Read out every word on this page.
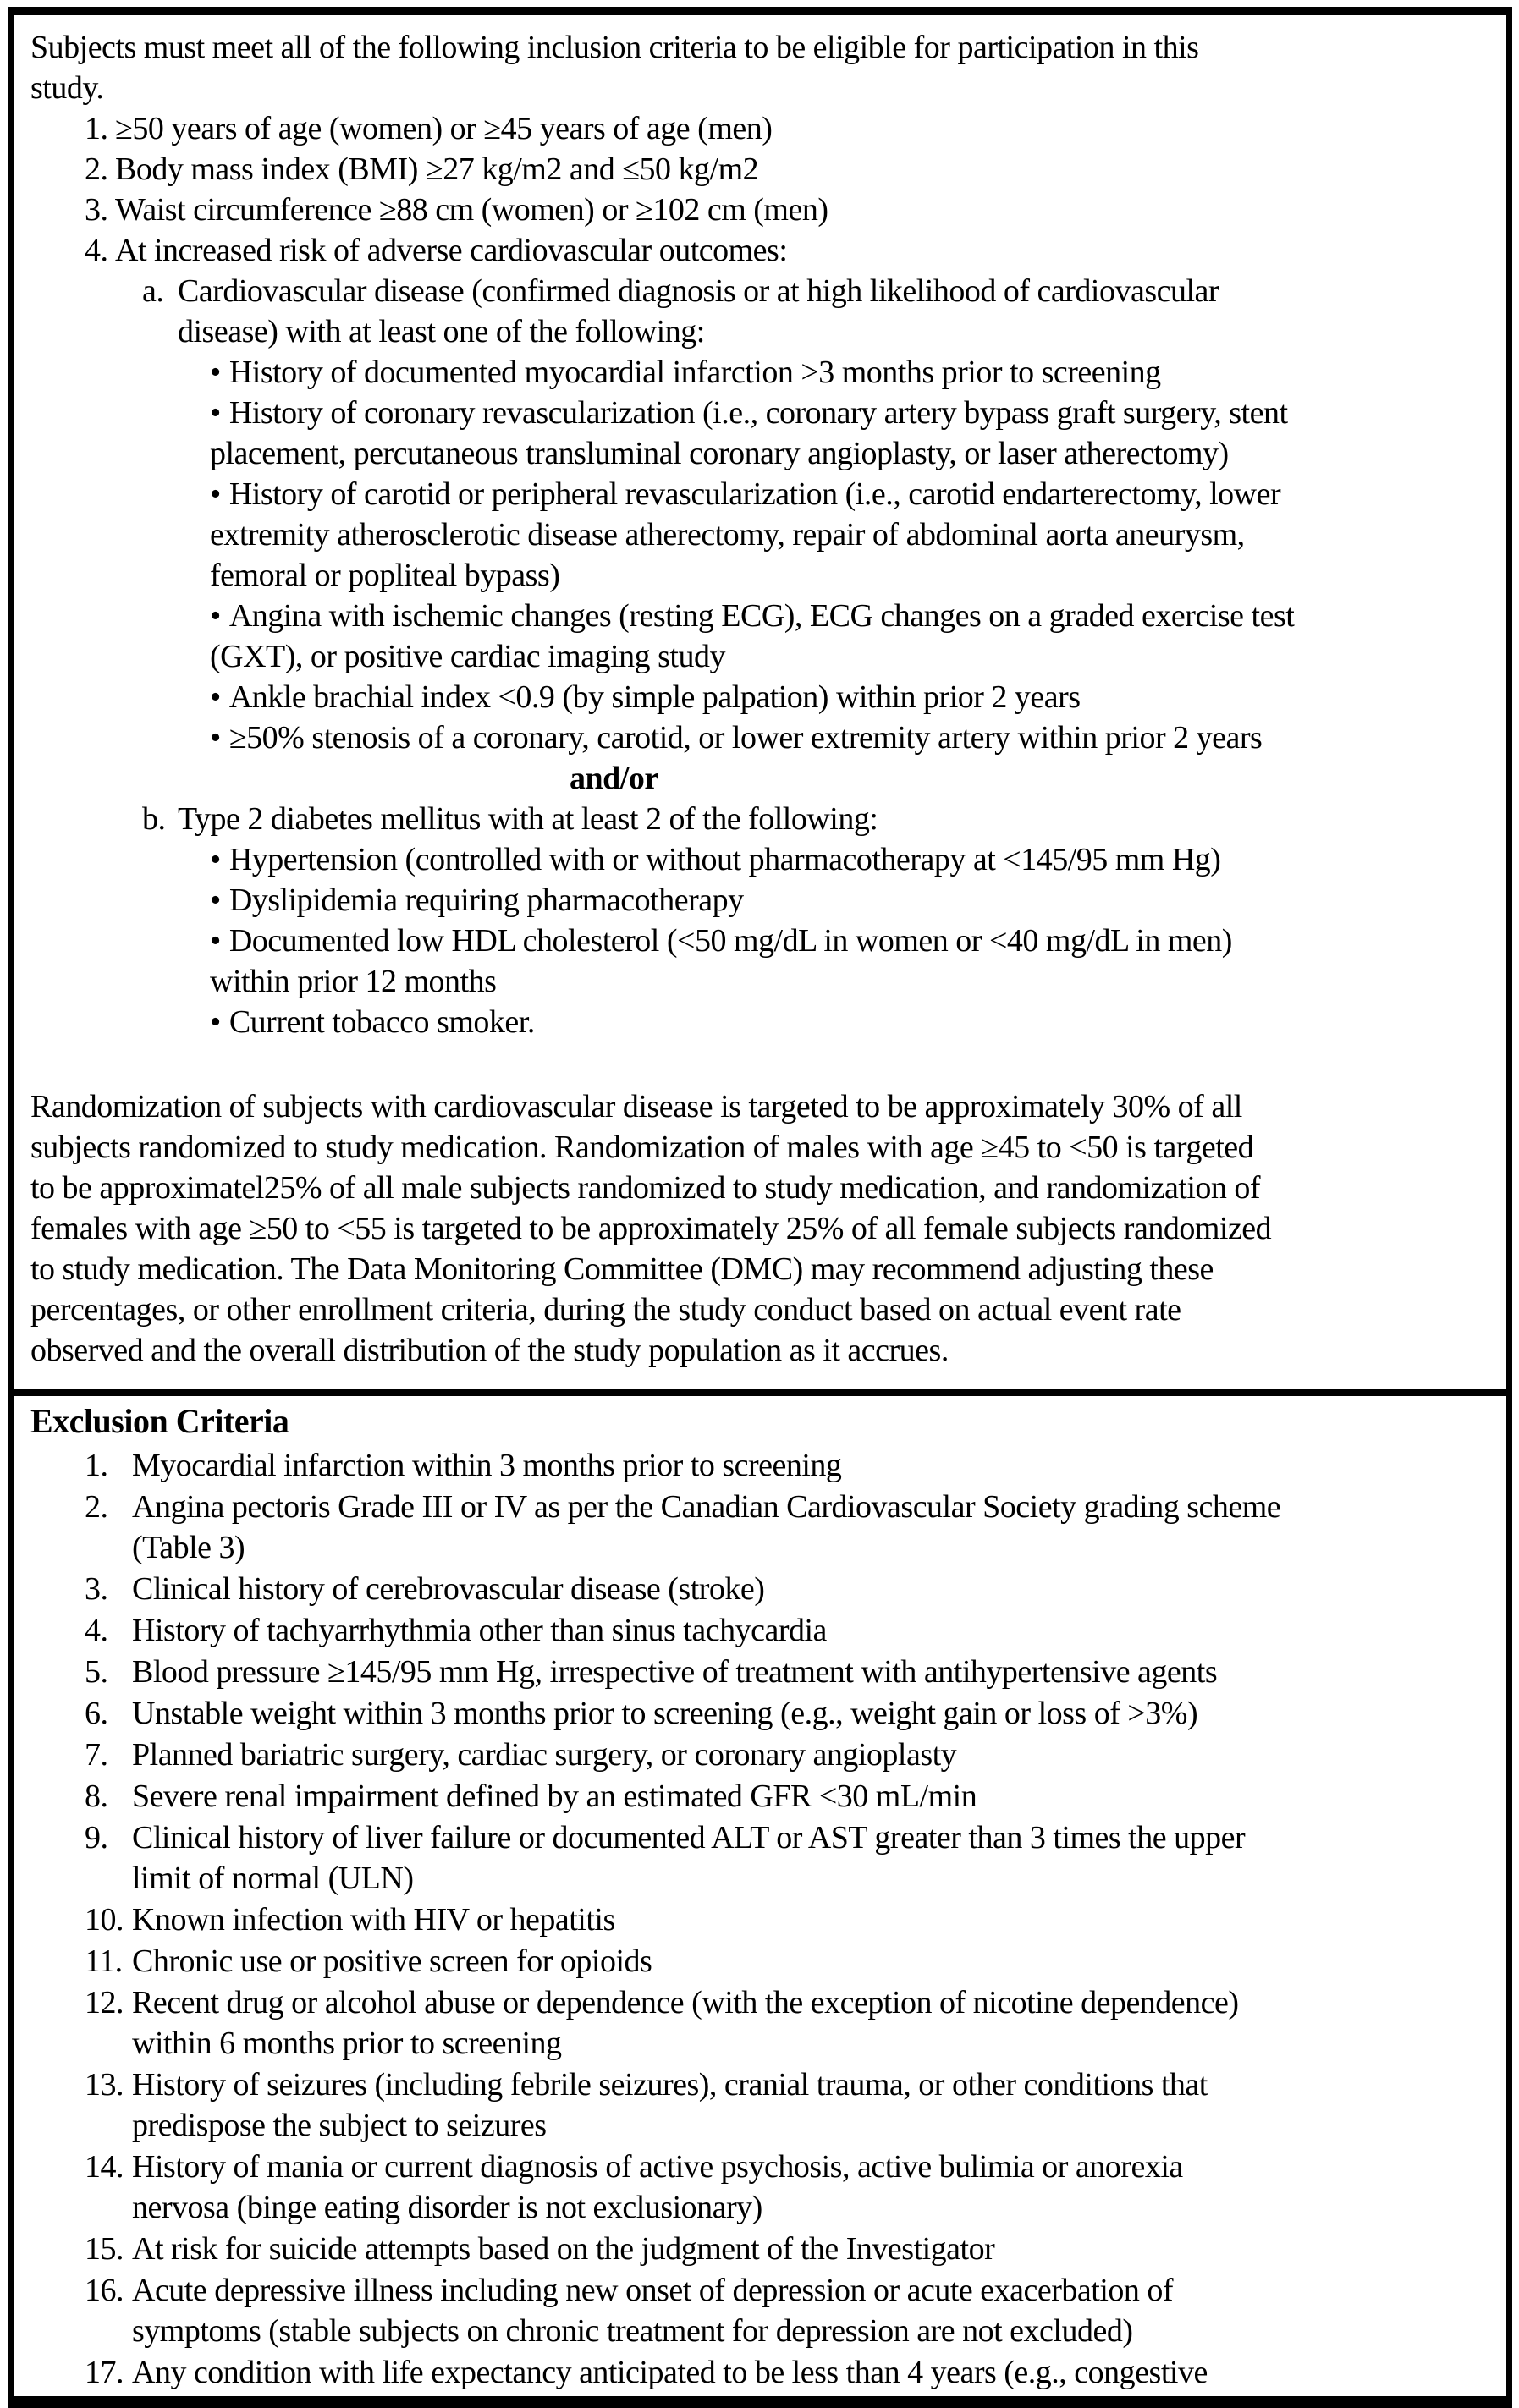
Subjects must meet all of the following inclusion criteria to be eligible for participation in this
study.

1. ≥50 years of age (women) or ≥45 years of age (men)
2. Body mass index (BMI) ≥27 kg/m2 and ≤50 kg/m2
3. Waist circumference ≥88 cm (women) or ≥102 cm (men)
4. At increased risk of adverse cardiovascular outcomes:
a. Cardiovascular disease (confirmed diagnosis or at high likelihood of cardiovascular
disease) with at least one of the following:
• History of documented myocardial infarction >3 months prior to screening
• History of coronary revascularization (i.e., coronary artery bypass graft surgery, stent
placement, percutaneous transluminal coronary angioplasty, or laser atherectomy)
• History of carotid or peripheral revascularization (i.e., carotid endarterectomy, lower
extremity atherosclerotic disease atherectomy, repair of abdominal aorta aneurysm,
femoral or popliteal bypass)
• Angina with ischemic changes (resting ECG), ECG changes on a graded exercise test
(GXT), or positive cardiac imaging study
• Ankle brachial index <0.9 (by simple palpation) within prior 2 years
• ≥50% stenosis of a coronary, carotid, or lower extremity artery within prior 2 years

and/or

b. Type 2 diabetes mellitus with at least 2 of the following:
• Hypertension (controlled with or without pharmacotherapy at <145/95 mm Hg)
• Dyslipidemia requiring pharmacotherapy
• Documented low HDL cholesterol (<50 mg/dL in women or <40 mg/dL in men)
within prior 12 months
• Current tobacco smoker.

Randomization of subjects with cardiovascular disease is targeted to be approximately 30% of all
subjects randomized to study medication. Randomization of males with age ≥45 to <50 is targeted
to be approximatel25% of all male subjects randomized to study medication, and randomization of
females with age ≥50 to <55 is targeted to be approximately 25% of all female subjects randomized
to study medication. The Data Monitoring Committee (DMC) may recommend adjusting these
percentages, or other enrollment criteria, during the study conduct based on actual event rate
observed and the overall distribution of the study population as it accrues.

Exclusion Criteria
1. Myocardial infarction within 3 months prior to screening
2. Angina pectoris Grade III or IV as per the Canadian Cardiovascular Society grading scheme
(Table 3)
3. Clinical history of cerebrovascular disease (stroke)
4. History of tachyarrhythmia other than sinus tachycardia
5. Blood pressure ≥145/95 mm Hg, irrespective of treatment with antihypertensive agents
6. Unstable weight within 3 months prior to screening (e.g., weight gain or loss of >3%)
7. Planned bariatric surgery, cardiac surgery, or coronary angioplasty
8. Severe renal impairment defined by an estimated GFR <30 mL/min
9. Clinical history of liver failure or documented ALT or AST greater than 3 times the upper
limit of normal (ULN)
10. Known infection with HIV or hepatitis
11. Chronic use or positive screen for opioids
12. Recent drug or alcohol abuse or dependence (with the exception of nicotine dependence)
within 6 months prior to screening
13. History of seizures (including febrile seizures), cranial trauma, or other conditions that
predispose the subject to seizures
14. History of mania or current diagnosis of active psychosis, active bulimia or anorexia
nervosa (binge eating disorder is not exclusionary)
15. At risk for suicide attempts based on the judgment of the Investigator
16. Acute depressive illness including new onset of depression or acute exacerbation of
symptoms (stable subjects on chronic treatment for depression are not excluded)
17. Any condition with life expectancy anticipated to be less than 4 years (e.g., congestive
